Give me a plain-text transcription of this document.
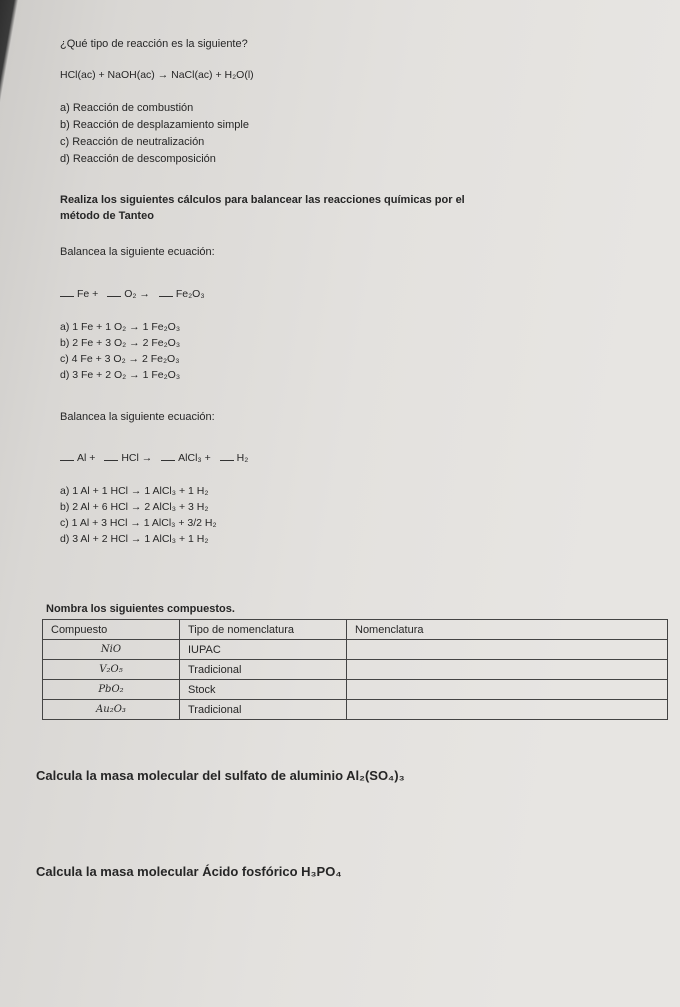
¿Qué tipo de reacción es la siguiente?
HCl(ac) + NaOH(ac) → NaCl(ac) + H₂O(l)
a) Reacción de combustión
b) Reacción de desplazamiento simple
c) Reacción de neutralización
d) Reacción de descomposición
Realiza los siguientes cálculos para balancear las reacciones químicas por el
método de Tanteo
Balancea la siguiente ecuación:
Fe + O₂ → Fe₂O₃
a) 1 Fe + 1 O₂ → 1 Fe₂O₃
b) 2 Fe + 3 O₂ → 2 Fe₂O₃
c) 4 Fe + 3 O₂ → 2 Fe₂O₃
d) 3 Fe + 2 O₂ → 1 Fe₂O₃
Balancea la siguiente ecuación:
Al + HCl → AlCl₃ + H₂
a) 1 Al + 1 HCl → 1 AlCl₃ + 1 H₂
b) 2 Al + 6 HCl → 2 AlCl₃ + 3 H₂
c) 1 Al + 3 HCl → 1 AlCl₃ + 3/2 H₂
d) 3 Al + 2 HCl → 1 AlCl₃ + 1 H₂
Nombra los siguientes compuestos.
Compuesto	Tipo de nomenclatura	Nomenclatura
NiO	IUPAC	
V₂O₅	Tradicional	
PbO₂	Stock	
Au₂O₃	Tradicional	
Calcula la masa molecular del sulfato de aluminio Al₂(SO₄)₃
Calcula la masa molecular Ácido fosfórico H₃PO₄
